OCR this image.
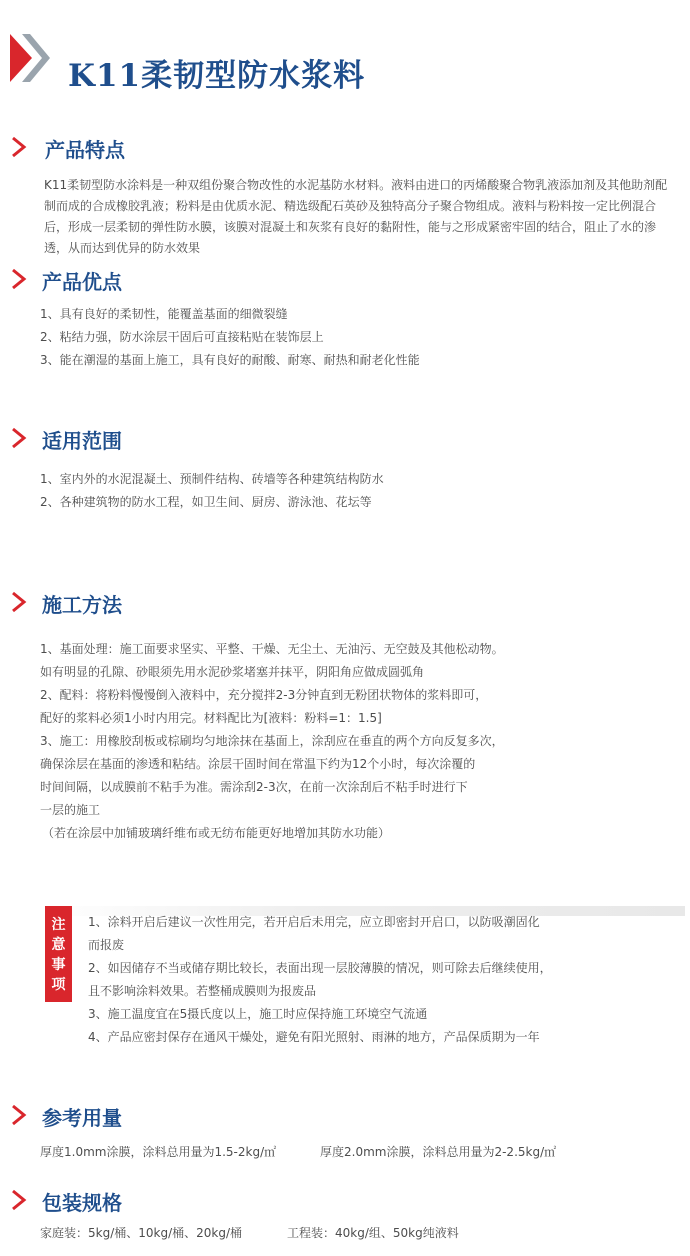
K11柔韧型防水浆料
产品特点
K11柔韧型防水涂料是一种双组份聚合物改性的水泥基防水材料。液料由进口的丙烯酸聚合物乳液添加剂及其他助剂配制而成的合成橡胶乳液；粉料是由优质水泥、精选级配石英砂及独特高分子聚合物组成。液料与粉料按一定比例混合后，形成一层柔韧的弹性防水膜，该膜对混凝土和灰浆有良好的黏附性，能与之形成紧密牢固的结合，阻止了水的渗透，从而达到优异的防水效果
产品优点
1、具有良好的柔韧性，能覆盖基面的细微裂缝
2、粘结力强，防水涂层干固后可直接粘贴在装饰层上
3、能在潮湿的基面上施工，具有良好的耐酸、耐寒、耐热和耐老化性能
适用范围
1、室内外的水泥混凝土、预制件结构、砖墙等各种建筑结构防水
2、各种建筑物的防水工程，如卫生间、厨房、游泳池、花坛等
施工方法
1、基面处理：施工面要求坚实、平整、干燥、无尘土、无油污、无空鼓及其他松动物。
如有明显的孔隙、砂眼须先用水泥砂浆堵塞并抹平，阴阳角应做成圆弧角
2、配料：将粉料慢慢倒入液料中，充分搅拌2-3分钟直到无粉团状物体的浆料即可，
配好的浆料必须1小时内用完。材料配比为[液料：粉料=1：1.5]
3、施工：用橡胶刮板或棕刷均匀地涂抹在基面上，涂刮应在垂直的两个方向反复多次，
确保涂层在基面的渗透和粘结。涂层干固时间在常温下约为12个小时，每次涂覆的
时间间隔，以成膜前不粘手为准。需涂刮2-3次，在前一次涂刮后不粘手时进行下
一层的施工
（若在涂层中加铺玻璃纤维布或无纺布能更好地增加其防水功能）
注
意
事
项
1、涂料开启后建议一次性用完，若开启后未用完，应立即密封开启口，以防吸潮固化
而报废
2、如因储存不当或储存期比较长，表面出现一层胶薄膜的情况，则可除去后继续使用，
且不影响涂料效果。若整桶成膜则为报废品
3、施工温度宜在5摄氏度以上，施工时应保持施工环境空气流通
4、产品应密封保存在通风干燥处，避免有阳光照射、雨淋的地方，产品保质期为一年
参考用量
厚度1.0mm涂膜，涂料总用量为1.5-2kg/㎡	厚度2.0mm涂膜，涂料总用量为2-2.5kg/㎡
包装规格
家庭装：5kg/桶、10kg/桶、20kg/桶	工程装：40kg/组、50kg纯液料
